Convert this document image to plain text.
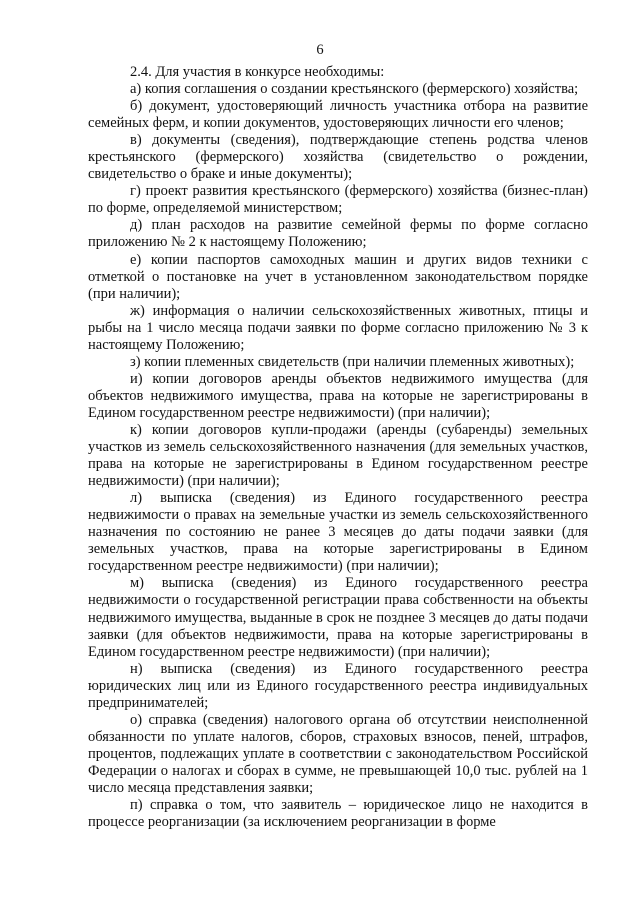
6

2.4. Для участия в конкурсе необходимы:

а) копия соглашения о создании крестьянского (фермерского) хозяйства;

б) документ, удостоверяющий личность участника отбора на развитие семейных ферм, и копии документов, удостоверяющих личности его членов;

в) документы (сведения), подтверждающие степень родства членов крестьянского (фермерского) хозяйства (свидетельство о рождении, свидетельство о браке и иные документы);

г) проект развития крестьянского (фермерского) хозяйства (бизнес-план) по форме, определяемой министерством;

д) план расходов на развитие семейной фермы по форме согласно приложению № 2 к настоящему Положению;

е) копии паспортов самоходных машин и других видов техники с отметкой о постановке на учет в установленном законодательством порядке (при наличии);

ж) информация о наличии сельскохозяйственных животных, птицы и рыбы на 1 число месяца подачи заявки по форме согласно приложению № 3 к настоящему Положению;

з) копии племенных свидетельств (при наличии племенных животных);

и) копии договоров аренды объектов недвижимого имущества (для объектов недвижимого имущества, права на которые не зарегистрированы в Едином государственном реестре недвижимости) (при наличии);

к) копии договоров купли-продажи (аренды (субаренды) земельных участков из земель сельскохозяйственного назначения (для земельных участков, права на которые не зарегистрированы в Едином государственном реестре недвижимости) (при наличии);

л) выписка (сведения) из Единого государственного реестра недвижимости о правах на земельные участки из земель сельскохозяйственного назначения по состоянию не ранее 3 месяцев до даты подачи заявки (для земельных участков, права на которые зарегистрированы в Едином государственном реестре недвижимости) (при наличии);

м) выписка (сведения) из Единого государственного реестра недвижимости о государственной регистрации права собственности на объекты недвижимого имущества, выданные в срок не позднее 3 месяцев до даты подачи заявки (для объектов недвижимости, права на которые зарегистрированы в Едином государственном реестре недвижимости) (при наличии);

н) выписка (сведения) из Единого государственного реестра юридических лиц или из Единого государственного реестра индивидуальных предпринимателей;

о) справка (сведения) налогового органа об отсутствии неисполненной обязанности по уплате налогов, сборов, страховых взносов, пеней, штрафов, процентов, подлежащих уплате в соответствии с законодательством Российской Федерации о налогах и сборах в сумме, не превышающей 10,0 тыс. рублей на 1 число месяца представления заявки;

п) справка о том, что заявитель – юридическое лицо не находится в процессе реорганизации (за исключением реорганизации в форме
